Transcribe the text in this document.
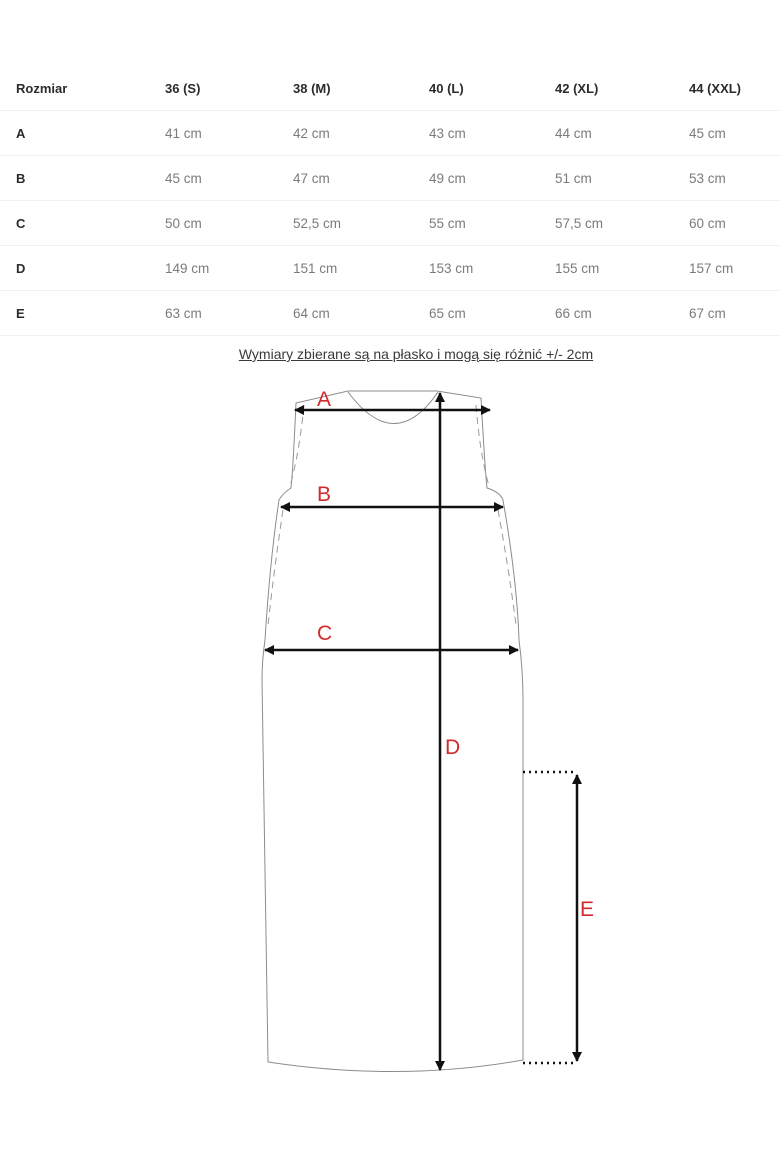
Rozmiar	36 (S)	38 (M)	40 (L)	42 (XL)	44 (XXL)
A	41 cm	42 cm	43 cm	44 cm	45 cm
B	45 cm	47 cm	49 cm	51 cm	53 cm
C	50 cm	52,5 cm	55 cm	57,5 cm	60 cm
D	149 cm	151 cm	153 cm	155 cm	157 cm
E	63 cm	64 cm	65 cm	66 cm	67 cm
Wymiary zbierane są na płasko i mogą się różnić +/- 2cm
A
B
C
D
E
